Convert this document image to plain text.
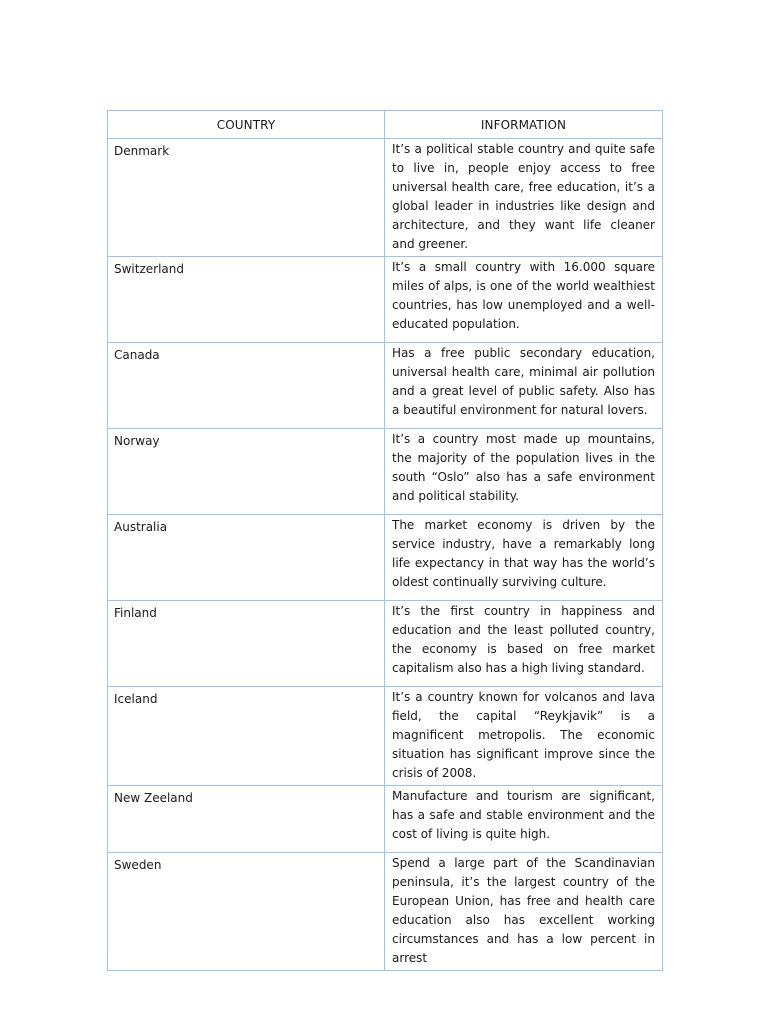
COUNTRY	INFORMATION

Denmark	It’s a political stable country and quite safe to live in, people enjoy access to free universal health care, free education, it’s a global leader in industries like design and architecture, and they want life cleaner and greener.

Switzerland	It’s a small country with 16.000 square miles of alps, is one of the world wealthiest countries, has low unemployed and a well-educated population.

Canada	Has a free public secondary education, universal health care, minimal air pollution and a great level of public safety. Also has a beautiful environment for natural lovers.

Norway	It’s a country most made up mountains, the majority of the population lives in the south “Oslo” also has a safe environment and political stability.

Australia	The market economy is driven by the service industry, have a remarkably long life expectancy in that way has the world’s oldest continually surviving culture.

Finland	It’s the first country in happiness and education and the least polluted country, the economy is based on free market capitalism also has a high living standard.

Iceland	It’s a country known for volcanos and lava field, the capital “Reykjavik” is a magnificent metropolis. The economic situation has significant improve since the crisis of 2008.

New Zeeland	Manufacture and tourism are significant, has a safe and stable environment and the cost of living is quite high.

Sweden	Spend a large part of the Scandinavian peninsula, it’s the largest country of the European Union, has free and health care education also has excellent working circumstances and has a low percent in arrest
